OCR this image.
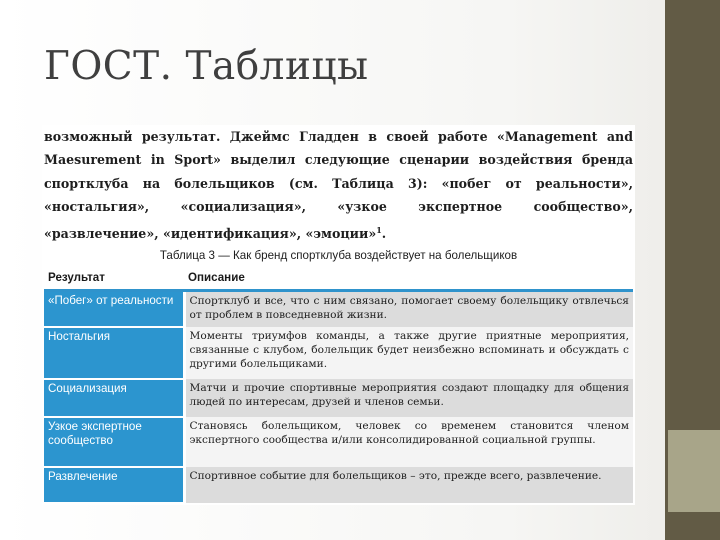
ГОСТ. Таблицы

возможный результат. Джеймс Гладден в своей работе «Management and Maesurement in Sport» выделил следующие сценарии воздействия бренда спортклуба на болельщиков (см. Таблица 3): «побег от реальности», «ностальгия», «социализация», «узкое экспертное сообщество», «развлечение», «идентификация», «эмоции»$^1$.

Таблица 3 — Как бренд спортклуба воздействует на болельщиков
Результат	Описание
«Побег» от реальности	Спортклуб и все, что с ним связано, помогает своему болельщику отвлечься от проблем в повседневной жизни.
Ностальгия	Моменты триумфов команды, а также другие приятные мероприятия, связанные с клубом, болельщик будет неизбежно вспоминать и обсуждать с другими болельщиками.
Социализация	Матчи и прочие спортивные мероприятия создают площадку для общения людей по интересам, друзей и членов семьи.
Узкое экспертное сообщество	Становясь болельщиком, человек со временем становится членом экспертного сообщества и/или консолидированной социальной группы.
Развлечение	Спортивное событие для болельщиков – это, прежде всего, развлечение.
